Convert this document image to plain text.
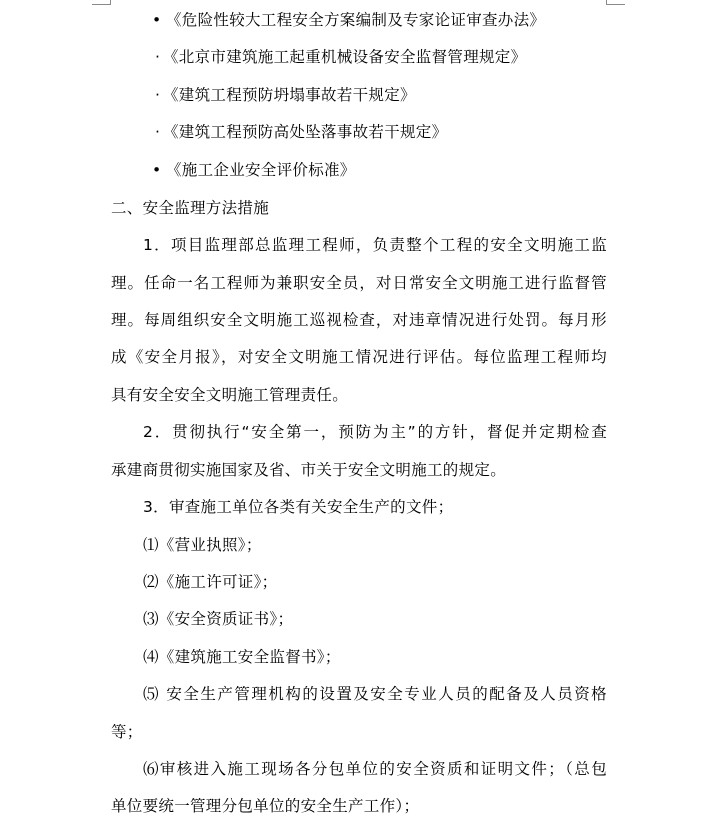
• 《危险性较大工程安全方案编制及专家论证审查办法》
· 《北京市建筑施工起重机械设备安全监督管理规定》
· 《建筑工程预防坍塌事故若干规定》
· 《建筑工程预防高处坠落事故若干规定》
• 《施工企业安全评价标准》
二、安全监理方法措施
1．项目监理部总监理工程师，负责整个工程的安全文明施工监
理。任命一名工程师为兼职安全员，对日常安全文明施工进行监督管
理。每周组织安全文明施工巡视检查，对违章情况进行处罚。每月形
成《安全月报》，对安全文明施工情况进行评估。每位监理工程师均
具有安全安全文明施工管理责任。
2．贯彻执行“安全第一，预防为主”的方针，督促并定期检查
承建商贯彻实施国家及省、市关于安全文明施工的规定。
3．审查施工单位各类有关安全生产的文件；
⑴《营业执照》；
⑵《施工许可证》；
⑶《安全资质证书》；
⑷《建筑施工安全监督书》；
⑸ 安全生产管理机构的设置及安全专业人员的配备及人员资格
等；
⑹审核进入施工现场各分包单位的安全资质和证明文件；（总包
单位要统一管理分包单位的安全生产工作）；
